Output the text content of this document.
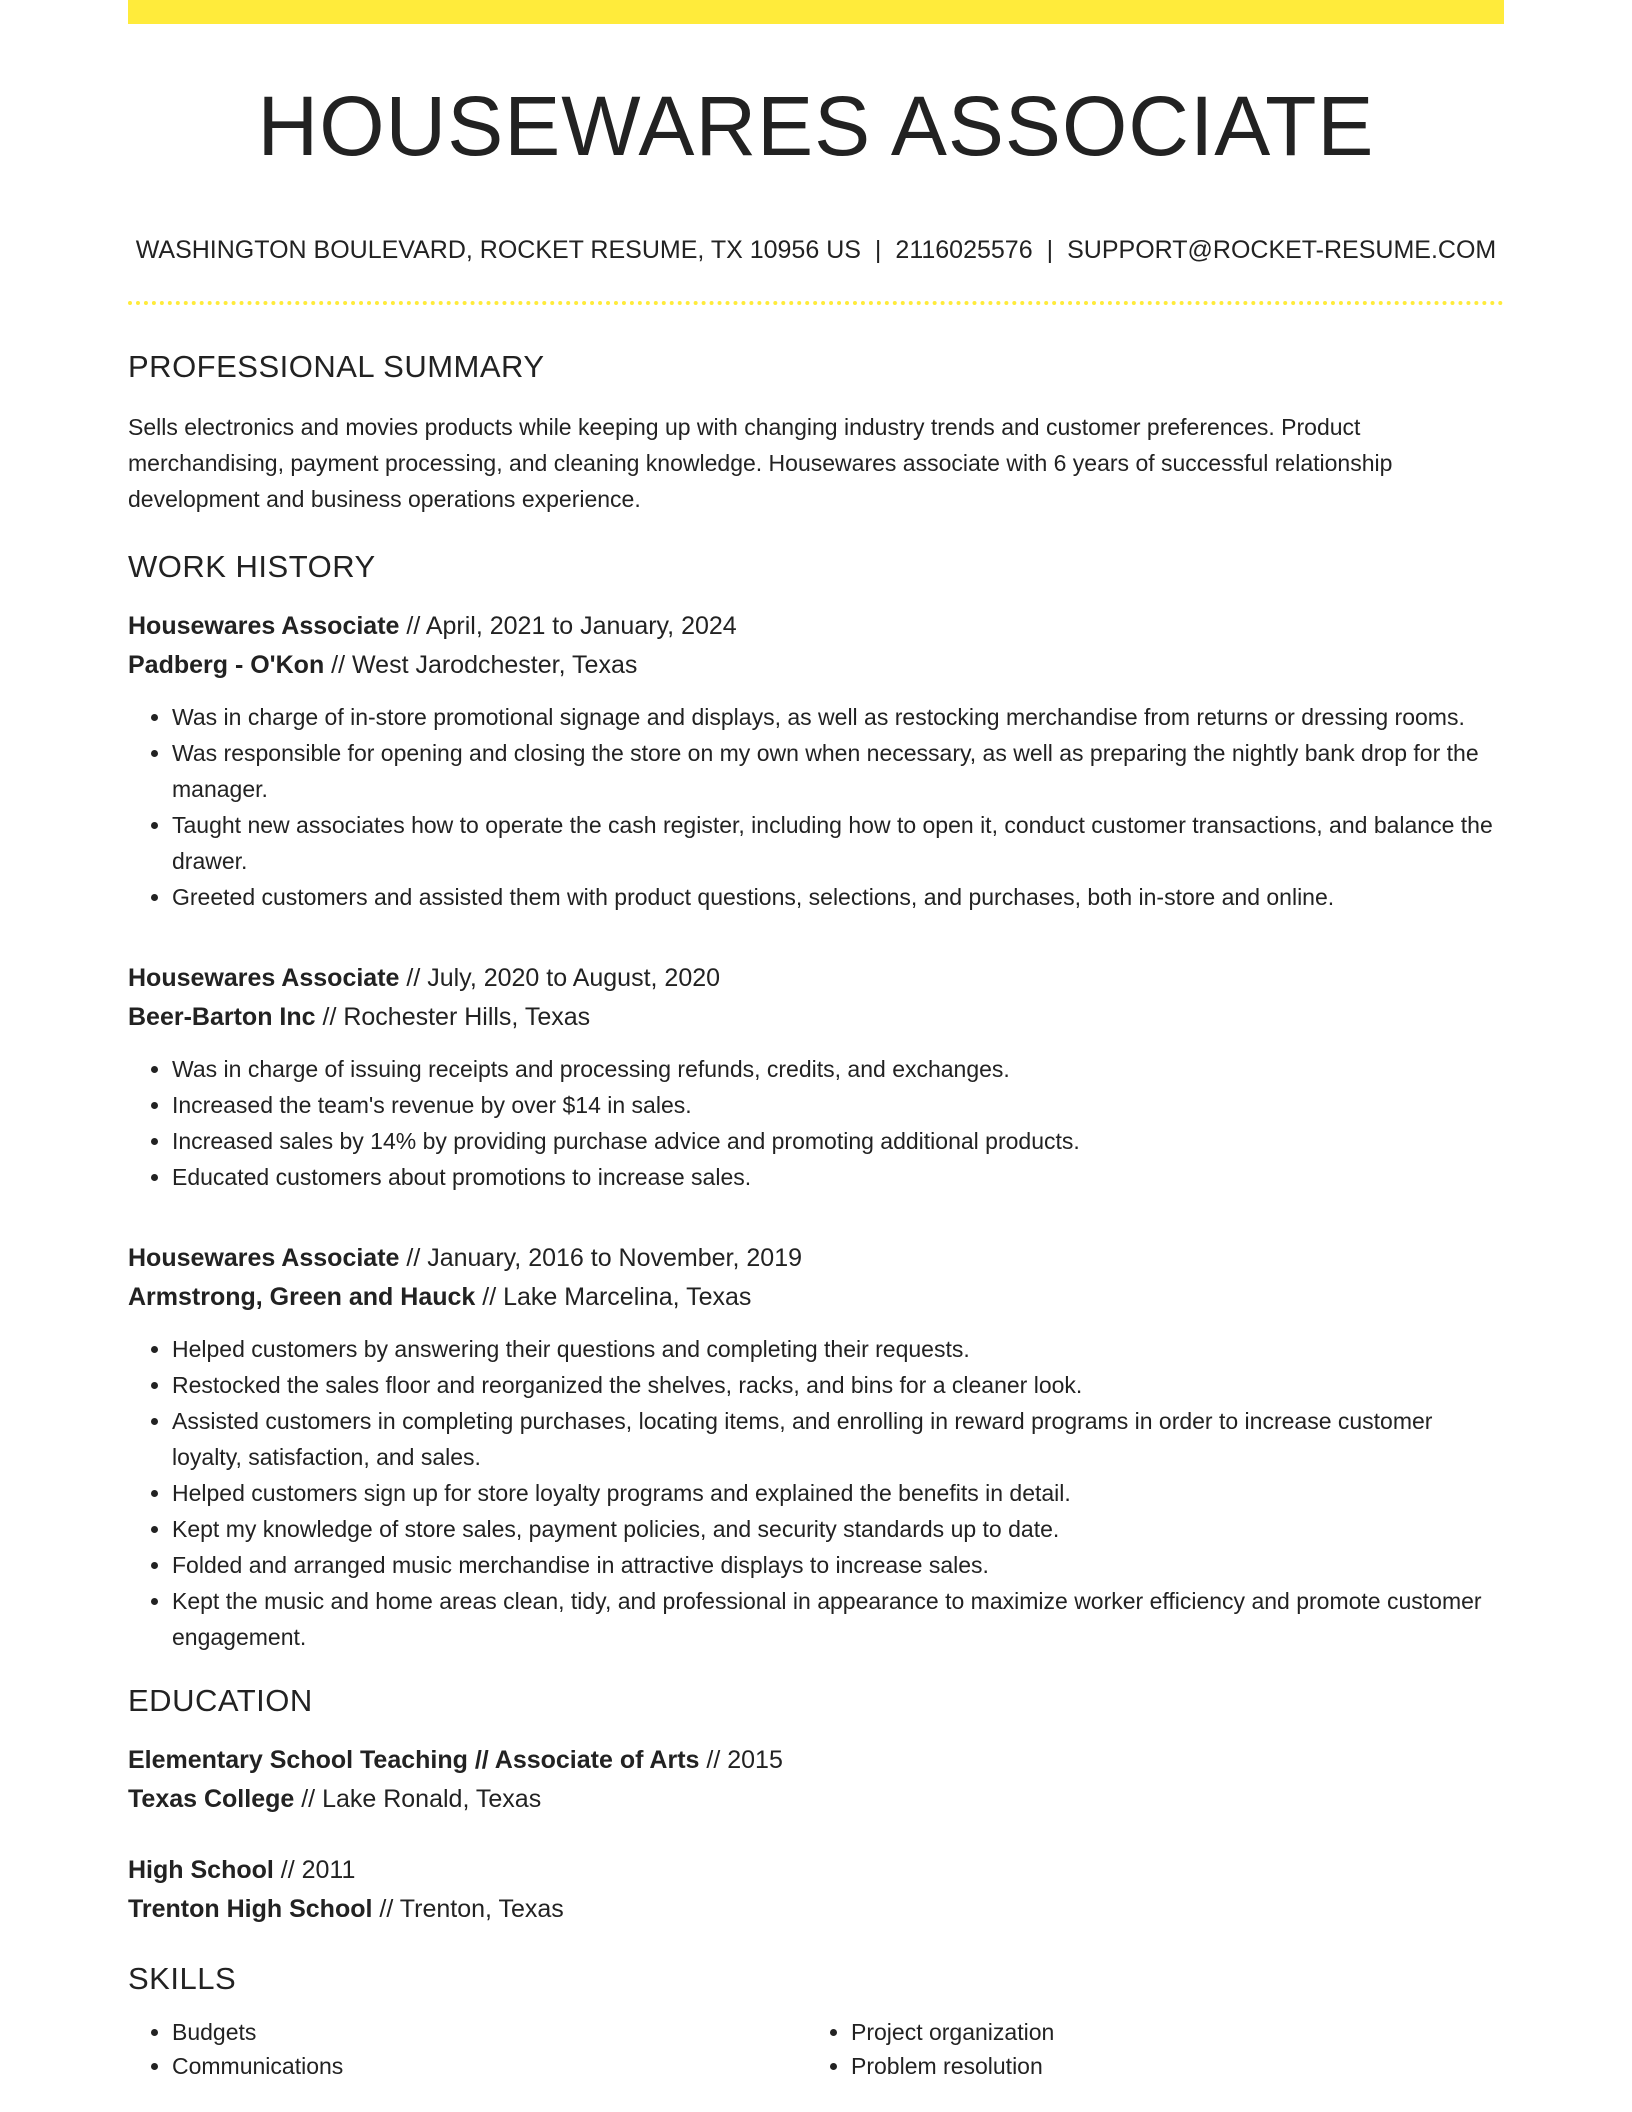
HOUSEWARES ASSOCIATE
WASHINGTON BOULEVARD, ROCKET RESUME, TX 10956 US | 2116025576 | SUPPORT@ROCKET-RESUME.COM
PROFESSIONAL SUMMARY
Sells electronics and movies products while keeping up with changing industry trends and customer preferences. Product merchandising, payment processing, and cleaning knowledge. Housewares associate with 6 years of successful relationship development and business operations experience.
WORK HISTORY
Housewares Associate // April, 2021 to January, 2024
Padberg - O'Kon // West Jarodchester, Texas
• Was in charge of in-store promotional signage and displays, as well as restocking merchandise from returns or dressing rooms.
• Was responsible for opening and closing the store on my own when necessary, as well as preparing the nightly bank drop for the manager.
• Taught new associates how to operate the cash register, including how to open it, conduct customer transactions, and balance the drawer.
• Greeted customers and assisted them with product questions, selections, and purchases, both in-store and online.
Housewares Associate // July, 2020 to August, 2020
Beer-Barton Inc // Rochester Hills, Texas
• Was in charge of issuing receipts and processing refunds, credits, and exchanges.
• Increased the team's revenue by over $14 in sales.
• Increased sales by 14% by providing purchase advice and promoting additional products.
• Educated customers about promotions to increase sales.
Housewares Associate // January, 2016 to November, 2019
Armstrong, Green and Hauck // Lake Marcelina, Texas
• Helped customers by answering their questions and completing their requests.
• Restocked the sales floor and reorganized the shelves, racks, and bins for a cleaner look.
• Assisted customers in completing purchases, locating items, and enrolling in reward programs in order to increase customer loyalty, satisfaction, and sales.
• Helped customers sign up for store loyalty programs and explained the benefits in detail.
• Kept my knowledge of store sales, payment policies, and security standards up to date.
• Folded and arranged music merchandise in attractive displays to increase sales.
• Kept the music and home areas clean, tidy, and professional in appearance to maximize worker efficiency and promote customer engagement.
EDUCATION
Elementary School Teaching // Associate of Arts // 2015
Texas College // Lake Ronald, Texas
High School // 2011
Trenton High School // Trenton, Texas
SKILLS
• Budgets
• Communications
• Project organization
• Problem resolution
